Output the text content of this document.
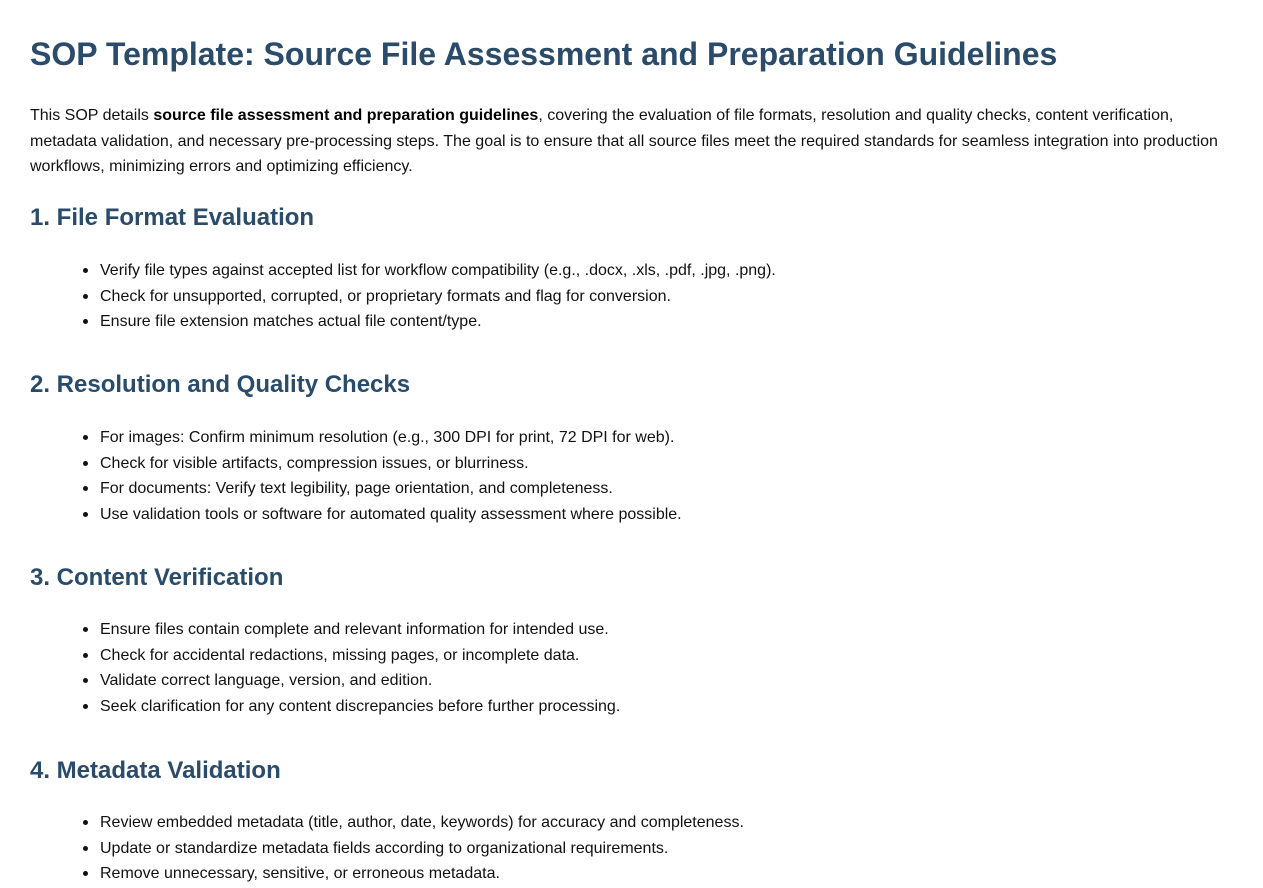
SOP Template: Source File Assessment and Preparation Guidelines

This SOP details source file assessment and preparation guidelines, covering the evaluation of file formats, resolution and quality checks, content verification, metadata validation, and necessary pre-processing steps. The goal is to ensure that all source files meet the required standards for seamless integration into production workflows, minimizing errors and optimizing efficiency.

1. File Format Evaluation
Verify file types against accepted list for workflow compatibility (e.g., .docx, .xls, .pdf, .jpg, .png).
Check for unsupported, corrupted, or proprietary formats and flag for conversion.
Ensure file extension matches actual file content/type.
2. Resolution and Quality Checks
For images: Confirm minimum resolution (e.g., 300 DPI for print, 72 DPI for web).
Check for visible artifacts, compression issues, or blurriness.
For documents: Verify text legibility, page orientation, and completeness.
Use validation tools or software for automated quality assessment where possible.
3. Content Verification
Ensure files contain complete and relevant information for intended use.
Check for accidental redactions, missing pages, or incomplete data.
Validate correct language, version, and edition.
Seek clarification for any content discrepancies before further processing.
4. Metadata Validation
Review embedded metadata (title, author, date, keywords) for accuracy and completeness.
Update or standardize metadata fields according to organizational requirements.
Remove unnecessary, sensitive, or erroneous metadata.
